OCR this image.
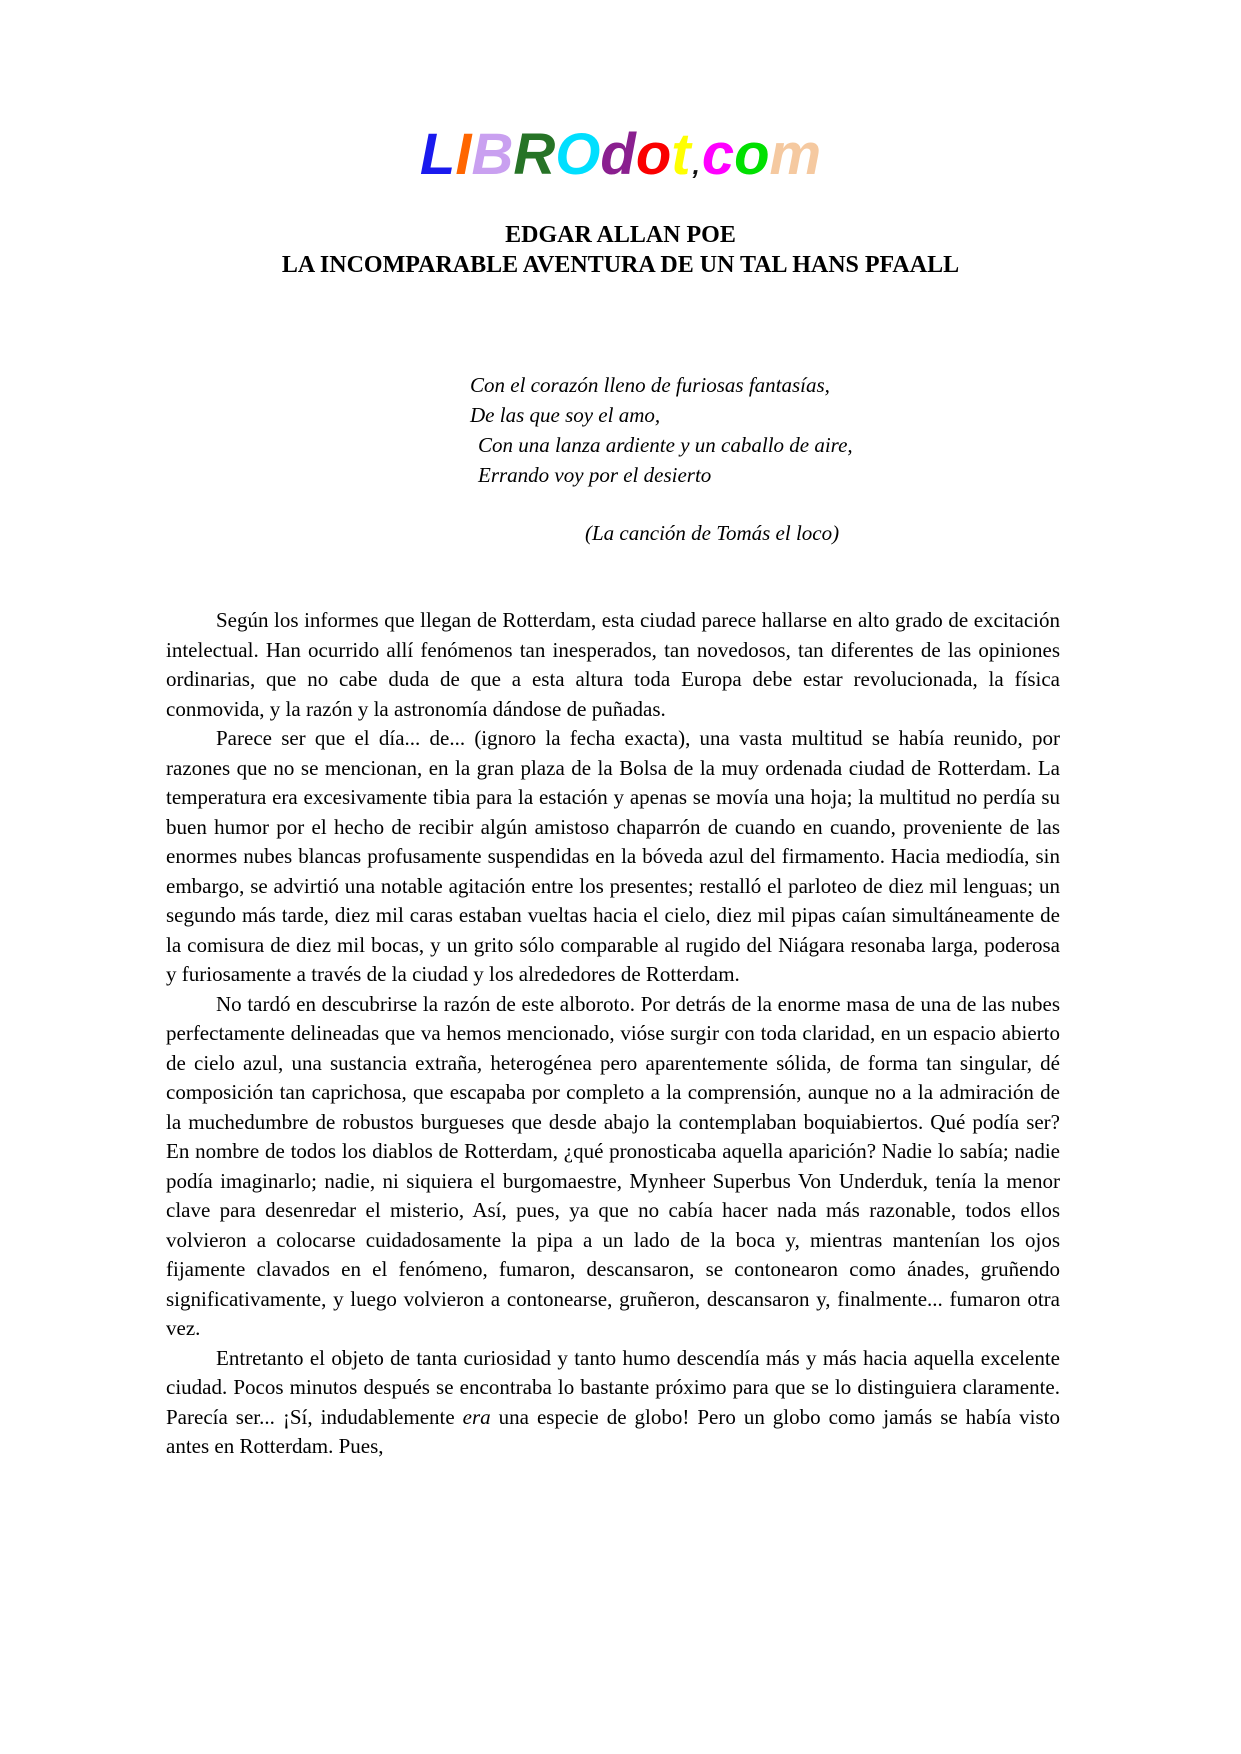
LIBROdot,com
EDGAR ALLAN POE
LA INCOMPARABLE AVENTURA DE UN TAL HANS PFAALL
Con el corazón lleno de furiosas fantasías,
De las que soy el amo,
Con una lanza ardiente y un caballo de aire,
Errando voy por el desierto
(La canción de Tomás el loco)

Según los informes que llegan de Rotterdam, esta ciudad parece hallarse en alto grado de excitación intelectual. Han ocurrido allí fenómenos tan inesperados, tan novedosos, tan diferentes de las opiniones ordinarias, que no cabe duda de que a esta altura toda Europa debe estar revolucionada, la física conmovida, y la razón y la astronomía dándose de puñadas.

Parece ser que el día... de... (ignoro la fecha exacta), una vasta multitud se había reunido, por razones que no se mencionan, en la gran plaza de la Bolsa de la muy ordenada ciudad de Rotterdam. La temperatura era excesivamente tibia para la estación y apenas se movía una hoja; la multitud no perdía su buen humor por el hecho de recibir algún amistoso chaparrón de cuando en cuando, proveniente de las enormes nubes blancas profusamente suspendidas en la bóveda azul del firmamento. Hacia mediodía, sin embargo, se advirtió una notable agitación entre los presentes; restalló el parloteo de diez mil lenguas; un segundo más tarde, diez mil caras estaban vueltas hacia el cielo, diez mil pipas caían simultáneamente de la comisura de diez mil bocas, y un grito sólo comparable al rugido del Niágara resonaba larga, poderosa y furiosamente a través de la ciudad y los alrededores de Rotterdam.

No tardó en descubrirse la razón de este alboroto. Por detrás de la enorme masa de una de las nubes perfectamente delineadas que va hemos mencionado, vióse surgir con toda claridad, en un espacio abierto de cielo azul, una sustancia extraña, heterogénea pero aparentemente sólida, de forma tan singular, dé composición tan caprichosa, que escapaba por completo a la comprensión, aunque no a la admiración de la muchedumbre de robustos burgueses que desde abajo la contemplaban boquiabiertos. Qué podía ser? En nombre de todos los diablos de Rotterdam, ¿qué pronosticaba aquella aparición? Nadie lo sabía; nadie podía imaginarlo; nadie, ni siquiera el burgomaestre, Mynheer Superbus Von Underduk, tenía la menor clave para desenredar el misterio, Así, pues, ya que no cabía hacer nada más razonable, todos ellos volvieron a colocarse cuidadosamente la pipa a un lado de la boca y, mientras mantenían los ojos fijamente clavados en el fenómeno, fumaron, descansaron, se contonearon como ánades, gruñendo significativamente, y luego volvieron a contonearse, gruñeron, descansaron y, finalmente... fumaron otra vez.

Entretanto el objeto de tanta curiosidad y tanto humo descendía más y más hacia aquella excelente ciudad. Pocos minutos después se encontraba lo bastante próximo para que se lo distinguiera claramente. Parecía ser... ¡Sí, indudablemente era una especie de globo! Pero un globo como jamás se había visto antes en Rotterdam. Pues,
